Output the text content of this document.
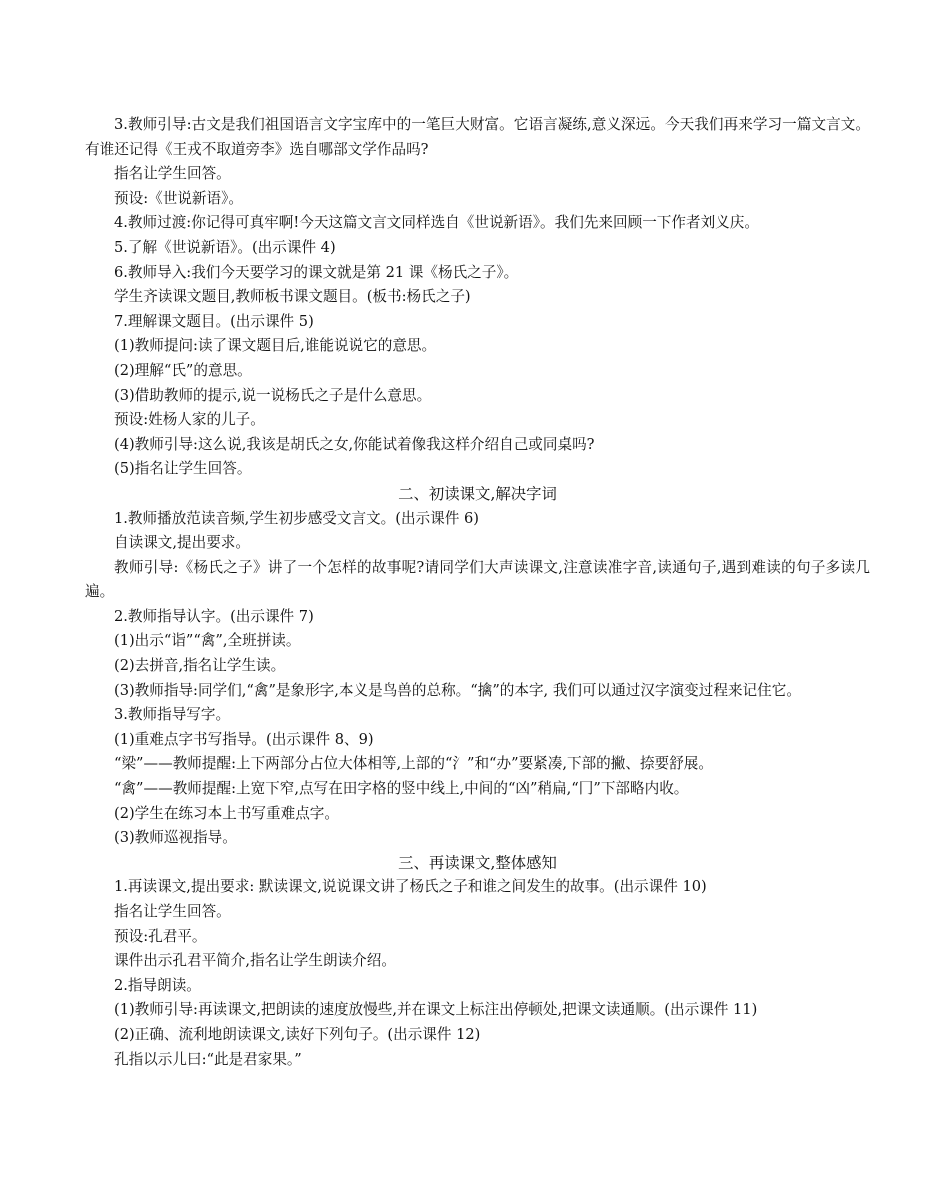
3.教师引导:古文是我们祖国语言文字宝库中的一笔巨大财富。它语言凝练,意义深远。今天我们再来学习一篇文言文。有谁还记得《王戎不取道旁李》选自哪部文学作品吗?

指名让学生回答。

预设:《世说新语》。

4.教师过渡:你记得可真牢啊!今天这篇文言文同样选自《世说新语》。我们先来回顾一下作者刘义庆。

5.了解《世说新语》。(出示课件 4)

6.教师导入:我们今天要学习的课文就是第 21 课《杨氏之子》。

学生齐读课文题目,教师板书课文题目。(板书:杨氏之子)

7.理解课文题目。(出示课件 5)

(1)教师提问:读了课文题目后,谁能说说它的意思。

(2)理解“氏”的意思。

(3)借助教师的提示,说一说杨氏之子是什么意思。

预设:姓杨人家的儿子。

(4)教师引导:这么说,我该是胡氏之女,你能试着像我这样介绍自己或同桌吗?

(5)指名让学生回答。

二、初读课文,解决字词

1.教师播放范读音频,学生初步感受文言文。(出示课件 6)

自读课文,提出要求。

教师引导:《杨氏之子》讲了一个怎样的故事呢?请同学们大声读课文,注意读准字音,读通句子,遇到难读的句子多读几遍。

2.教师指导认字。(出示课件 7)

(1)出示“诣”“禽”,全班拼读。

(2)去拼音,指名让学生读。

(3)教师指导:同学们,“禽”是象形字,本义是鸟兽的总称。“擒”的本字, 我们可以通过汉字演变过程来记住它。

3.教师指导写字。

(1)重难点字书写指导。(出示课件 8、9)

“梁”——教师提醒:上下两部分占位大体相等,上部的“氵”和“办”要紧凑,下部的撇、捺要舒展。

“禽”——教师提醒:上宽下窄,点写在田字格的竖中线上,中间的“凶”稍扁,“冂”下部略内收。

(2)学生在练习本上书写重难点字。

(3)教师巡视指导。

三、再读课文,整体感知

1.再读课文,提出要求: 默读课文,说说课文讲了杨氏之子和谁之间发生的故事。(出示课件 10)

指名让学生回答。

预设:孔君平。

课件出示孔君平简介,指名让学生朗读介绍。

2.指导朗读。

(1)教师引导:再读课文,把朗读的速度放慢些,并在课文上标注出停顿处,把课文读通顺。(出示课件 11)

(2)正确、流利地朗读课文,读好下列句子。(出示课件 12)

孔指以示儿曰:“此是君家果。”
